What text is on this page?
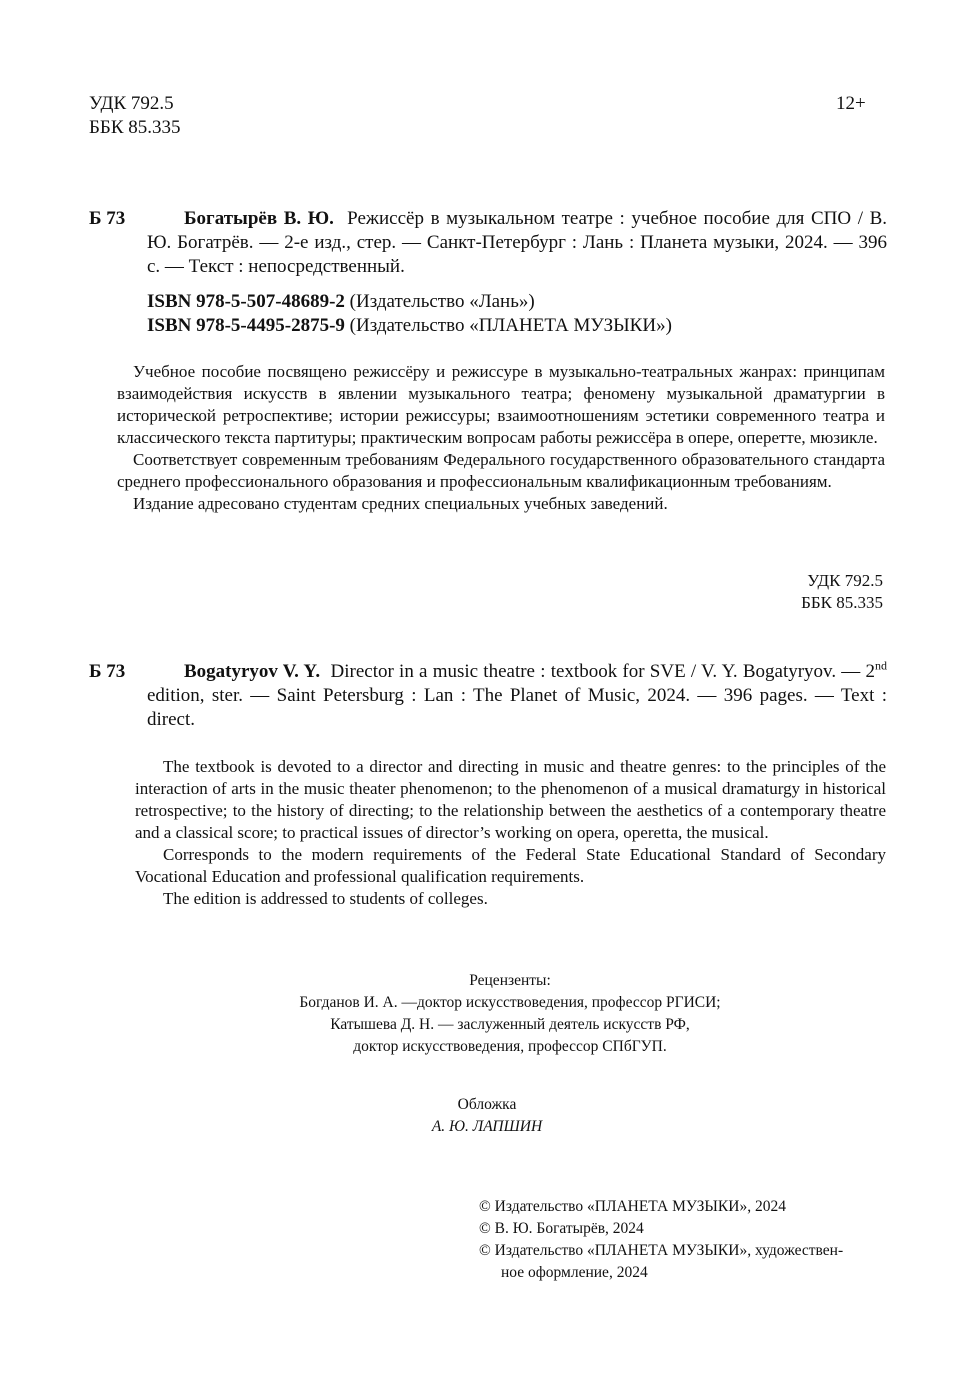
УДК 792.5
ББК 85.335
12+
Б 73	Богатырёв В. Ю. Режиссёр в музыкальном театре : учебное пособие для СПО / В. Ю. Богатрёв. — 2-е изд., стер. — Санкт-Петербург : Лань : Планета музыки, 2024. — 396 с. — Текст : непосредственный.
ISBN 978-5-507-48689-2 (Издательство «Лань»)
ISBN 978-5-4495-2875-9 (Издательство «ПЛАНЕТА МУЗЫКИ»)

Учебное пособие посвящено режиссёру и режиссуре в музыкально-театральных жанрах: принципам взаимодействия искусств в явлении музыкального театра; феномену музыкальной драматургии в исторической ретроспективе; истории режиссуры; взаимоотношениям эстетики современного театра и классического текста партитуры; практическим вопросам работы режиссёра в опере, оперетте, мюзикле.

Соответствует современным требованиям Федерального государственного образовательного стандарта среднего профессионального образования и профессиональным квалификационным требованиям.

Издание адресовано студентам средних специальных учебных заведений.

УДК 792.5
ББК 85.335
Б 73	Bogatyryov V. Y. Director in a music theatre : textbook for SVE / V. Y. Bogatyryov. — 2nd edition, ster. — Saint Petersburg : Lan : The Planet of Music, 2024. — 396 pages. — Text : direct.

The textbook is devoted to a director and directing in music and theatre genres: to the principles of the interaction of arts in the music theater phenomenon; to the phenomenon of a musical dramaturgy in historical retrospective; to the history of directing; to the relationship between the aesthetics of a contemporary theatre and a classical score; to practical issues of director’s working on opera, operetta, the musical.

Corresponds to the modern requirements of the Federal State Educational Standard of Secondary Vocational Education and professional qualification requirements.

The edition is addressed to students of colleges.

Рецензенты:
Богданов И. А. —доктор искусствоведения, профессор РГИСИ;
Катышева Д. Н. — заслуженный деятель искусств РФ,
доктор искусствоведения, профессор СПбГУП.
Обложка
А. Ю. ЛАПШИН
© Издательство «ПЛАНЕТА МУЗЫКИ», 2024
© В. Ю. Богатырёв, 2024
© Издательство «ПЛАНЕТА МУЗЫКИ», художествен-
ное оформление, 2024
